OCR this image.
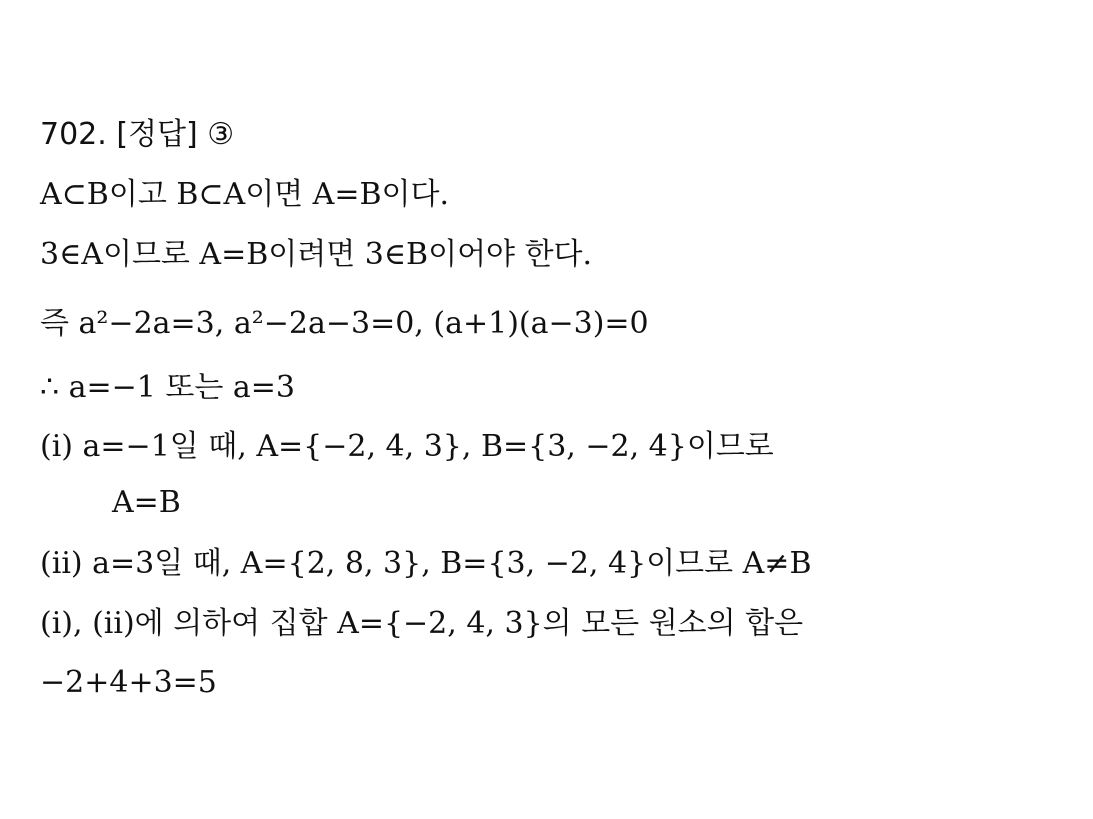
702. [정답] ③
A⊂B이고 B⊂A이면 A=B이다.
3∈A이므로 A=B이려면 3∈B이어야 한다.
즉 a²−2a=3, a²−2a−3=0, (a+1)(a−3)=0
∴ a=−1 또는 a=3
(ⅰ) a=−1일 때, A={−2, 4, 3}, B={3, −2, 4}이므로
A=B
(ⅱ) a=3일 때, A={2, 8, 3}, B={3, −2, 4}이므로 A≠B
(ⅰ), (ⅱ)에 의하여 집합 A={−2, 4, 3}의 모든 원소의 합은
−2+4+3=5
